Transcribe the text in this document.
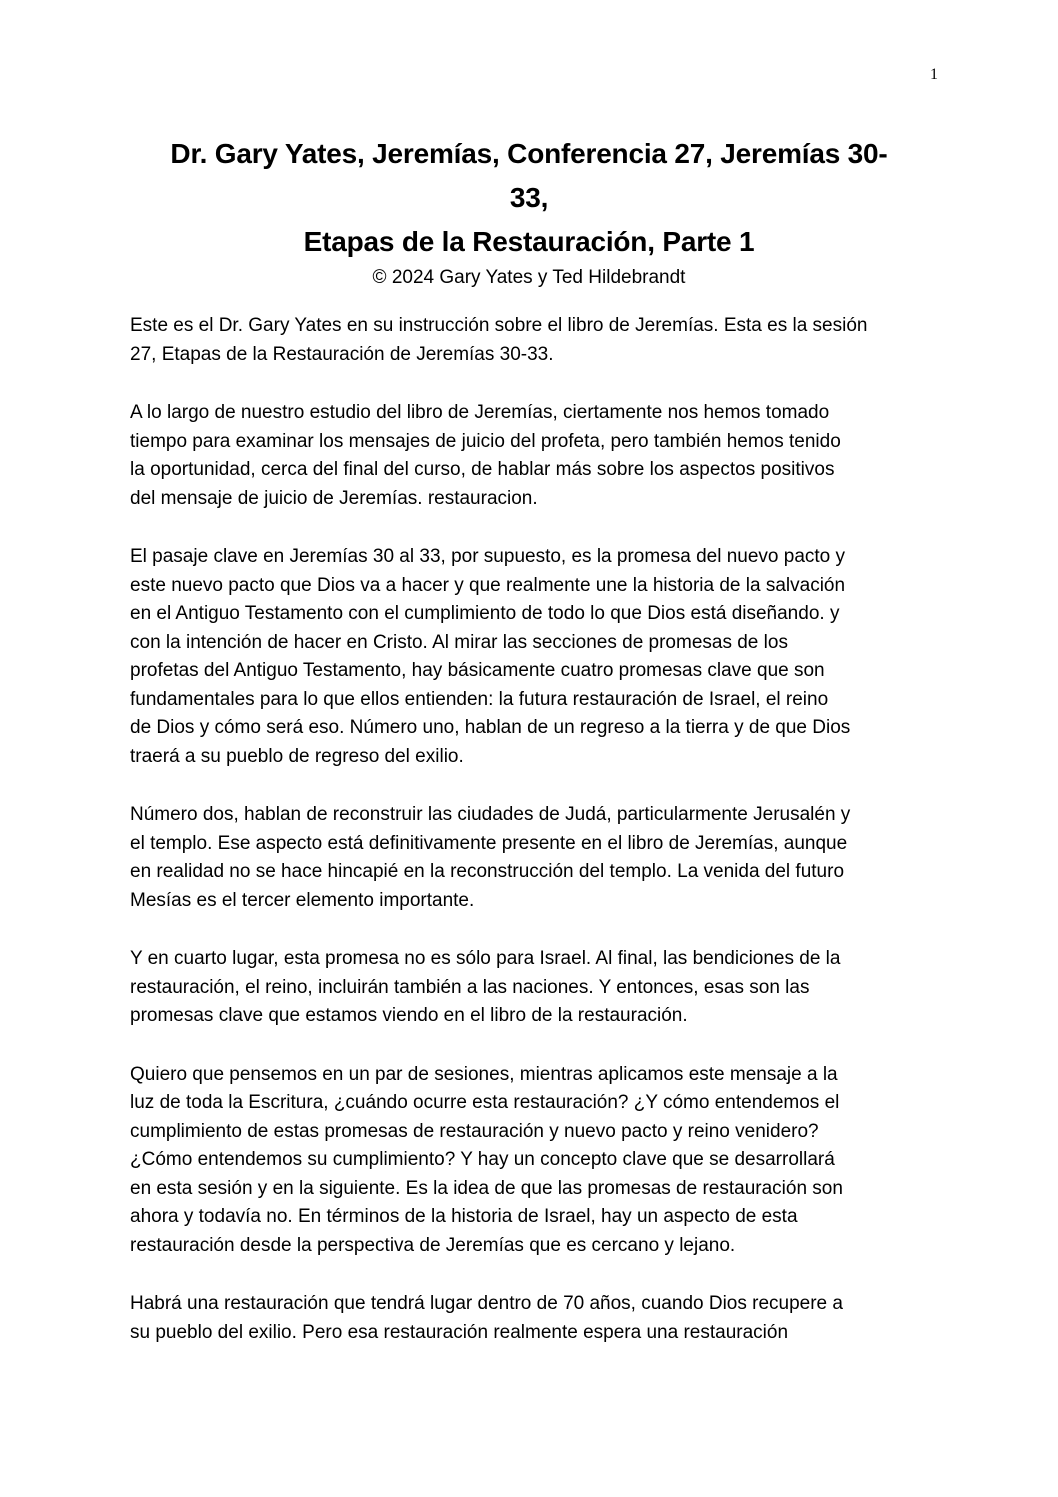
1
Dr. Gary Yates, Jeremías, Conferencia 27, Jeremías 30-
33,
Etapas de la Restauración, Parte 1
© 2024 Gary Yates y Ted Hildebrandt
Este es el Dr. Gary Yates en su instrucción sobre el libro de Jeremías. Esta es la sesión
27, Etapas de la Restauración de Jeremías 30-33.
A lo largo de nuestro estudio del libro de Jeremías, ciertamente nos hemos tomado
tiempo para examinar los mensajes de juicio del profeta, pero también hemos tenido
la oportunidad, cerca del final del curso, de hablar más sobre los aspectos positivos
del mensaje de juicio de Jeremías. restauracion.
El pasaje clave en Jeremías 30 al 33, por supuesto, es la promesa del nuevo pacto y
este nuevo pacto que Dios va a hacer y que realmente une la historia de la salvación
en el Antiguo Testamento con el cumplimiento de todo lo que Dios está diseñando. y
con la intención de hacer en Cristo. Al mirar las secciones de promesas de los
profetas del Antiguo Testamento, hay básicamente cuatro promesas clave que son
fundamentales para lo que ellos entienden: la futura restauración de Israel, el reino
de Dios y cómo será eso. Número uno, hablan de un regreso a la tierra y de que Dios
traerá a su pueblo de regreso del exilio.
Número dos, hablan de reconstruir las ciudades de Judá, particularmente Jerusalén y
el templo. Ese aspecto está definitivamente presente en el libro de Jeremías, aunque
en realidad no se hace hincapié en la reconstrucción del templo. La venida del futuro
Mesías es el tercer elemento importante.
Y en cuarto lugar, esta promesa no es sólo para Israel. Al final, las bendiciones de la
restauración, el reino, incluirán también a las naciones. Y entonces, esas son las
promesas clave que estamos viendo en el libro de la restauración.
Quiero que pensemos en un par de sesiones, mientras aplicamos este mensaje a la
luz de toda la Escritura, ¿cuándo ocurre esta restauración? ¿Y cómo entendemos el
cumplimiento de estas promesas de restauración y nuevo pacto y reino venidero?
¿Cómo entendemos su cumplimiento? Y hay un concepto clave que se desarrollará
en esta sesión y en la siguiente. Es la idea de que las promesas de restauración son
ahora y todavía no. En términos de la historia de Israel, hay un aspecto de esta
restauración desde la perspectiva de Jeremías que es cercano y lejano.
Habrá una restauración que tendrá lugar dentro de 70 años, cuando Dios recupere a
su pueblo del exilio. Pero esa restauración realmente espera una restauración
